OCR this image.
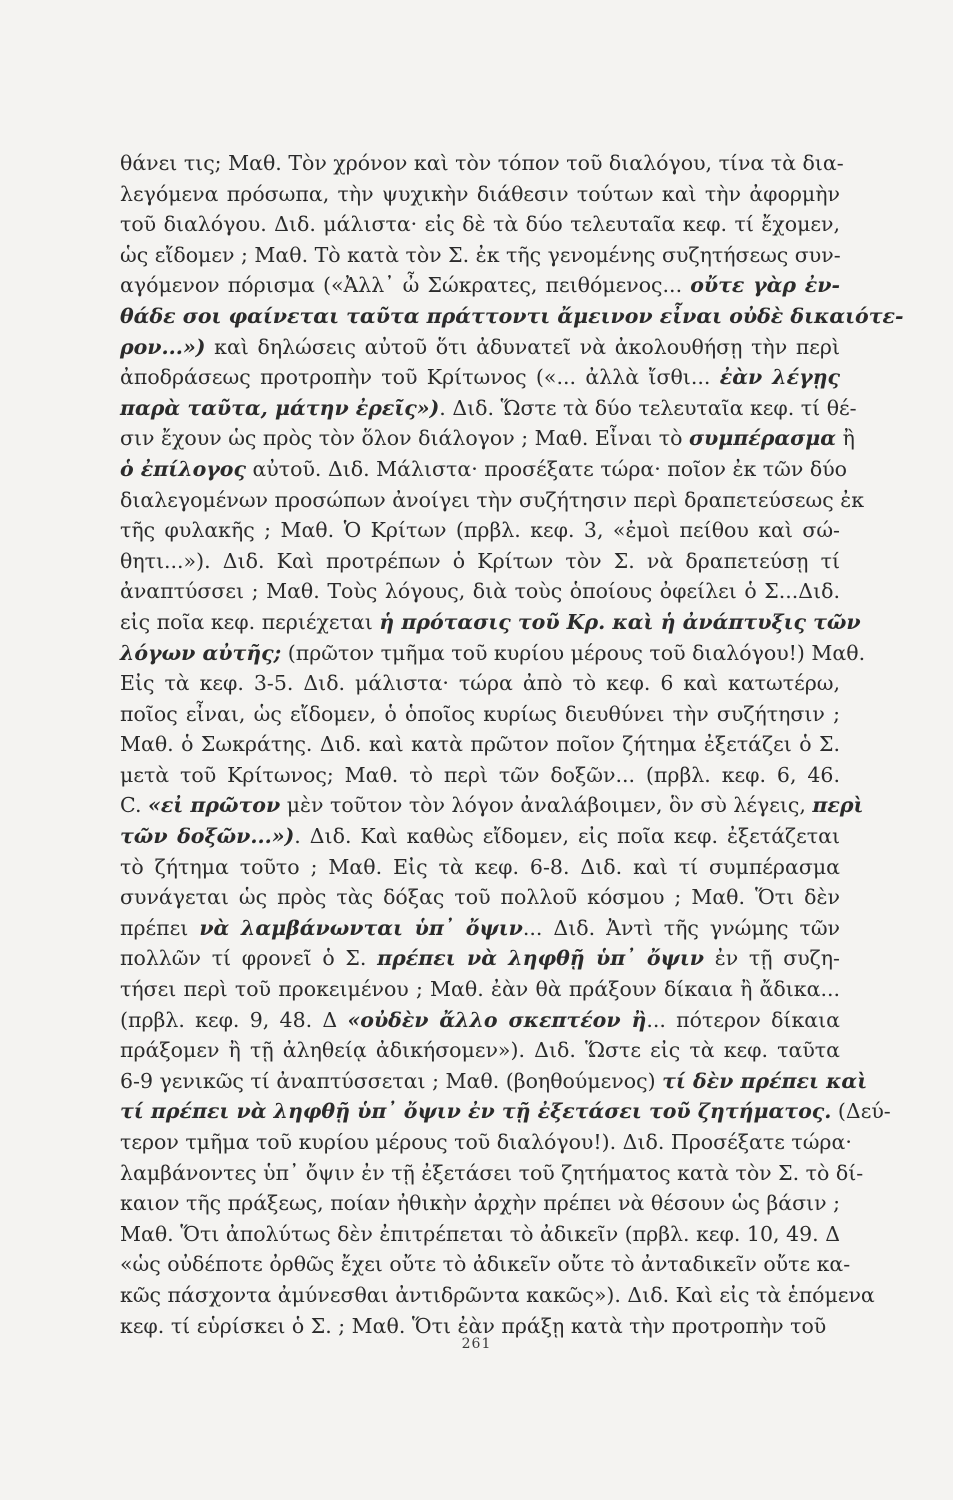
θάνει τις; Μαθ. Τὸν χρόνον καὶ τὸν τόπον τοῦ διαλόγου, τίνα τὰ δια-
λεγόμενα πρόσωπα, τὴν ψυχικὴν διάθεσιν τούτων καὶ τὴν ἀφορμὴν
τοῦ διαλόγου. Διδ. μάλιστα· εἰς δὲ τὰ δύο τελευταῖα κεφ. τί ἔχομεν,
ὡς εἴδομεν ; Μαθ. Τὸ κατὰ τὸν Σ. ἐκ τῆς γενομένης συζητήσεως συν-
αγόμενον πόρισμα («Ἀλλ᾿ ὦ Σώκρατες, πειθόμενος... οὔτε γὰρ ἐν-
θάδε σοι φαίνεται ταῦτα πράττοντι ἄμεινον εἶναι οὐδὲ δικαιότε-
ρον...») καὶ δηλώσεις αὐτοῦ ὅτι ἀδυνατεῖ νὰ ἀκολουθήσῃ τὴν περὶ
ἀποδράσεως προτροπὴν τοῦ Κρίτωνος («... ἀλλὰ ἴσθι... ἐὰν λέγῃς
παρὰ ταῦτα, μάτην ἐρεῖς»). Διδ. Ὥστε τὰ δύο τελευταῖα κεφ. τί θέ-
σιν ἔχουν ὡς πρὸς τὸν ὅλον διάλογον ; Μαθ. Εἶναι τὸ συμπέρασμα ἢ
ὁ ἐπίλογος αὐτοῦ. Διδ. Μάλιστα· προσέξατε τώρα· ποῖον ἐκ τῶν δύο
διαλεγομένων προσώπων ἀνοίγει τὴν συζήτησιν περὶ δραπετεύσεως ἐκ
τῆς φυλακῆς ; Μαθ. Ὁ Κρίτων (πρβλ. κεφ. 3, «ἐμοὶ πείθου καὶ σώ-
θητι...»). Διδ. Καὶ προτρέπων ὁ Κρίτων τὸν Σ. νὰ δραπετεύσῃ τί
ἀναπτύσσει ; Μαθ. Τοὺς λόγους, διὰ τοὺς ὁποίους ὀφείλει ὁ Σ...Διδ.
εἰς ποῖα κεφ. περιέχεται ἡ πρότασις τοῦ Κρ. καὶ ἡ ἀνάπτυξις τῶν
λόγων αὐτῆς; (πρῶτον τμῆμα τοῦ κυρίου μέρους τοῦ διαλόγου!) Μαθ.
Εἰς τὰ κεφ. 3-5. Διδ. μάλιστα· τώρα ἀπὸ τὸ κεφ. 6 καὶ κατωτέρω,
ποῖος εἶναι, ὡς εἴδομεν, ὁ ὁποῖος κυρίως διευθύνει τὴν συζήτησιν ;
Μαθ. ὁ Σωκράτης. Διδ. καὶ κατὰ πρῶτον ποῖον ζήτημα ἐξετάζει ὁ Σ.
μετὰ τοῦ Κρίτωνος; Μαθ. τὸ περὶ τῶν δοξῶν... (πρβλ. κεφ. 6, 46.
C. «εἰ πρῶτον μὲν τοῦτον τὸν λόγον ἀναλάβοιμεν, ὃν σὺ λέγεις, περὶ
τῶν δοξῶν...»). Διδ. Καὶ καθὼς εἴδομεν, εἰς ποῖα κεφ. ἐξετάζεται
τὸ ζήτημα τοῦτο ; Μαθ. Εἰς τὰ κεφ. 6-8. Διδ. καὶ τί συμπέρασμα
συνάγεται ὡς πρὸς τὰς δόξας τοῦ πολλοῦ κόσμου ; Μαθ. Ὅτι δὲν
πρέπει νὰ λαμβάνωνται ὑπ᾿ ὄψιν... Διδ. Ἀντὶ τῆς γνώμης τῶν
πολλῶν τί φρονεῖ ὁ Σ. πρέπει νὰ ληφθῇ ὑπ᾿ ὄψιν ἐν τῇ συζη-
τήσει περὶ τοῦ προκειμένου ; Μαθ. ἐὰν θὰ πράξουν δίκαια ἢ ἄδικα...
(πρβλ. κεφ. 9, 48. Δ «οὐδὲν ἄλλο σκεπτέον ἢ... πότερον δίκαια
πράξομεν ἢ τῇ ἀληθείᾳ ἀδικήσομεν»). Διδ. Ὥστε εἰς τὰ κεφ. ταῦτα
6-9 γενικῶς τί ἀναπτύσσεται ; Μαθ. (βοηθούμενος) τί δὲν πρέπει καὶ
τί πρέπει νὰ ληφθῇ ὑπ᾿ ὄψιν ἐν τῇ ἐξετάσει τοῦ ζητήματος. (Δεύ-
τερον τμῆμα τοῦ κυρίου μέρους τοῦ διαλόγου!). Διδ. Προσέξατε τώρα·
λαμβάνοντες ὑπ᾿ ὄψιν ἐν τῇ ἐξετάσει τοῦ ζητήματος κατὰ τὸν Σ. τὸ δί-
καιον τῆς πράξεως, ποίαν ἠθικὴν ἀρχὴν πρέπει νὰ θέσουν ὡς βάσιν ;
Μαθ. Ὅτι ἀπολύτως δὲν ἐπιτρέπεται τὸ ἀδικεῖν (πρβλ. κεφ. 10, 49. Δ
«ὡς οὐδέποτε ὀρθῶς ἔχει οὔτε τὸ ἀδικεῖν οὔτε τὸ ἀνταδικεῖν οὔτε κα-
κῶς πάσχοντα ἀμύνεσθαι ἀντιδρῶντα κακῶς»). Διδ. Καὶ εἰς τὰ ἑπόμενα
κεφ. τί εὑρίσκει ὁ Σ. ; Μαθ. Ὅτι ἐὰν πράξῃ κατὰ τὴν προτροπὴν τοῦ
261
